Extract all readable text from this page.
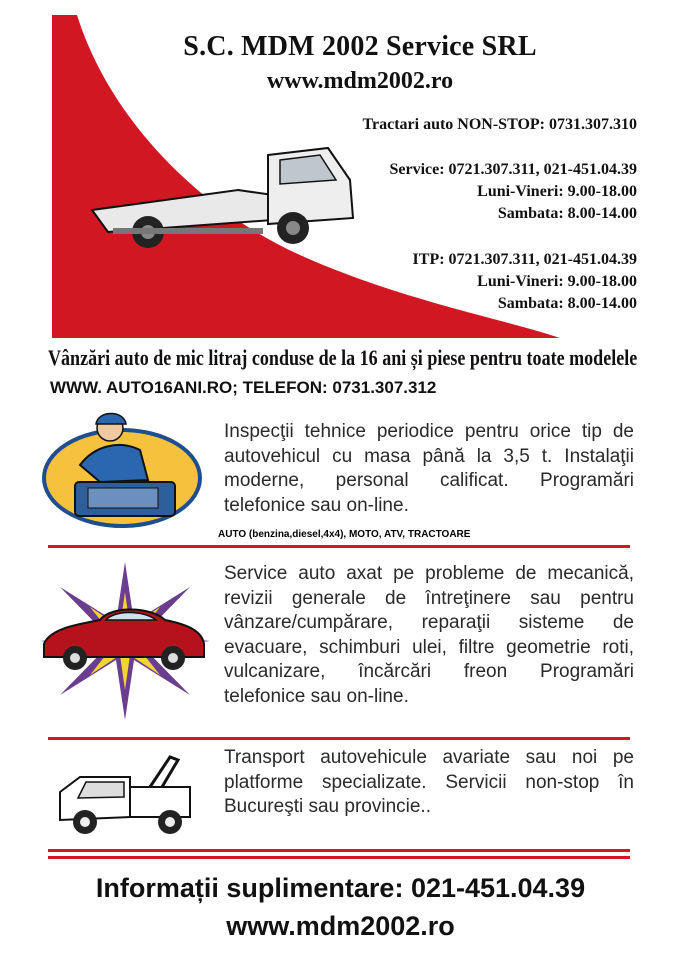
S.C. MDM 2002 Service SRL
www.mdm2002.ro
Tractari auto NON-STOP: 0731.307.310
Service: 0721.307.311, 021-451.04.39
Luni-Vineri: 9.00-18.00
Sambata: 8.00-14.00
ITP: 0721.307.311, 021-451.04.39
Luni-Vineri: 9.00-18.00
Sambata: 8.00-14.00
Vânzări auto de mic litraj conduse de la 16 ani și piese pentru toate modelele
WWW. AUTO16ANI.RO; TELEFON: 0731.307.312
Inspecţii tehnice periodice pentru orice tip de autovehicul cu masa până la 3,5 t. Instalaţii moderne, personal calificat. Programări telefonice sau on-line.
AUTO (benzina,diesel,4x4), MOTO, ATV, TRACTOARE
Service auto axat pe probleme de mecanică, revizii generale de întreţinere sau pentru vânzare/cumpărare, reparaţii sisteme de evacuare, schimburi ulei, filtre geometrie roti, vulcanizare, încărcări freon Programări telefonice sau on-line.
Transport autovehicule avariate sau noi pe platforme specializate. Servicii non-stop în Bucureşti sau provincie..
Informații suplimentare: 021-451.04.39
www.mdm2002.ro
